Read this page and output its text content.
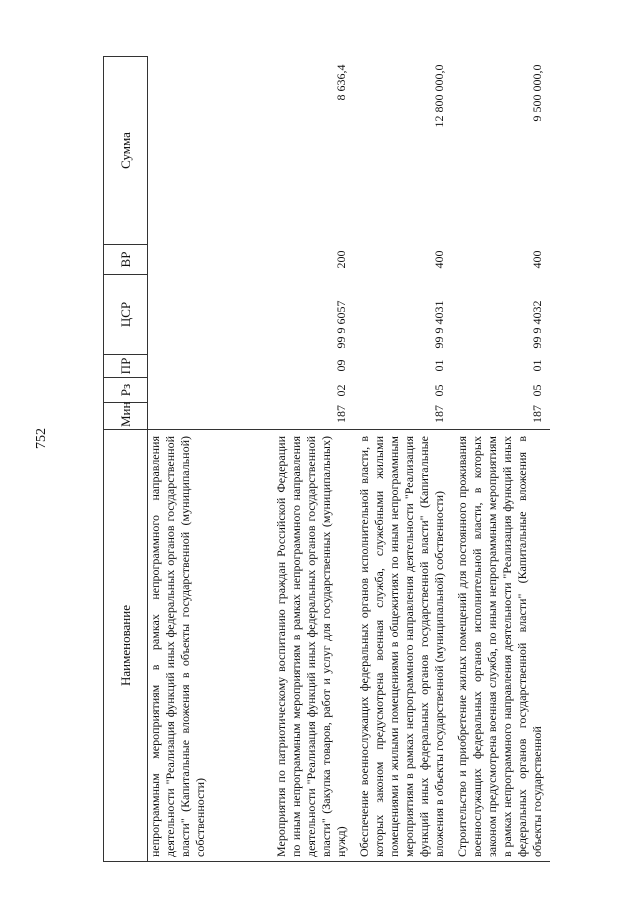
752
Наименование	Мин	Рз	ПР	ЦСР	ВР	Сумма
непрограммным мероприятиям в рамках непрограммного направления деятельности "Реализация функций иных федеральных органов государственной власти" (Капитальные вложения в объекты государственной (муниципальной) собственности)						
Мероприятия по патриотическому воспитанию граждан Российской Федерации по иным непрограммным мероприятиям в рамках непрограммного направления деятельности "Реализация функций иных федеральных органов государственной власти" (Закупка товаров, работ и услуг для государственных (муниципальных) нужд)	187	02	09	99 9 6057	200	8 636,4
Обеспечение военнослужащих федеральных органов исполнительной власти, в которых законом предусмотрена военная служба, служебными жилыми помещениями и жилыми помещениями в общежитиях по иным непрограммным мероприятиям в рамках непрограммного направления деятельности "Реализация функций иных федеральных органов государственной власти" (Капитальные вложения в объекты государственной (муниципальной) собственности)	187	05	01	99 9 4031	400	12 800 000,0
Строительство и приобретение жилых помещений для постоянного проживания военнослужащих федеральных органов исполнительной власти, в которых законом предусмотрена военная служба, по иным непрограммным мероприятиям в рамках непрограммного направления деятельности "Реализация функций иных федеральных органов государственной власти" (Капитальные вложения в объекты государственной	187	05	01	99 9 4032	400	9 500 000,0
